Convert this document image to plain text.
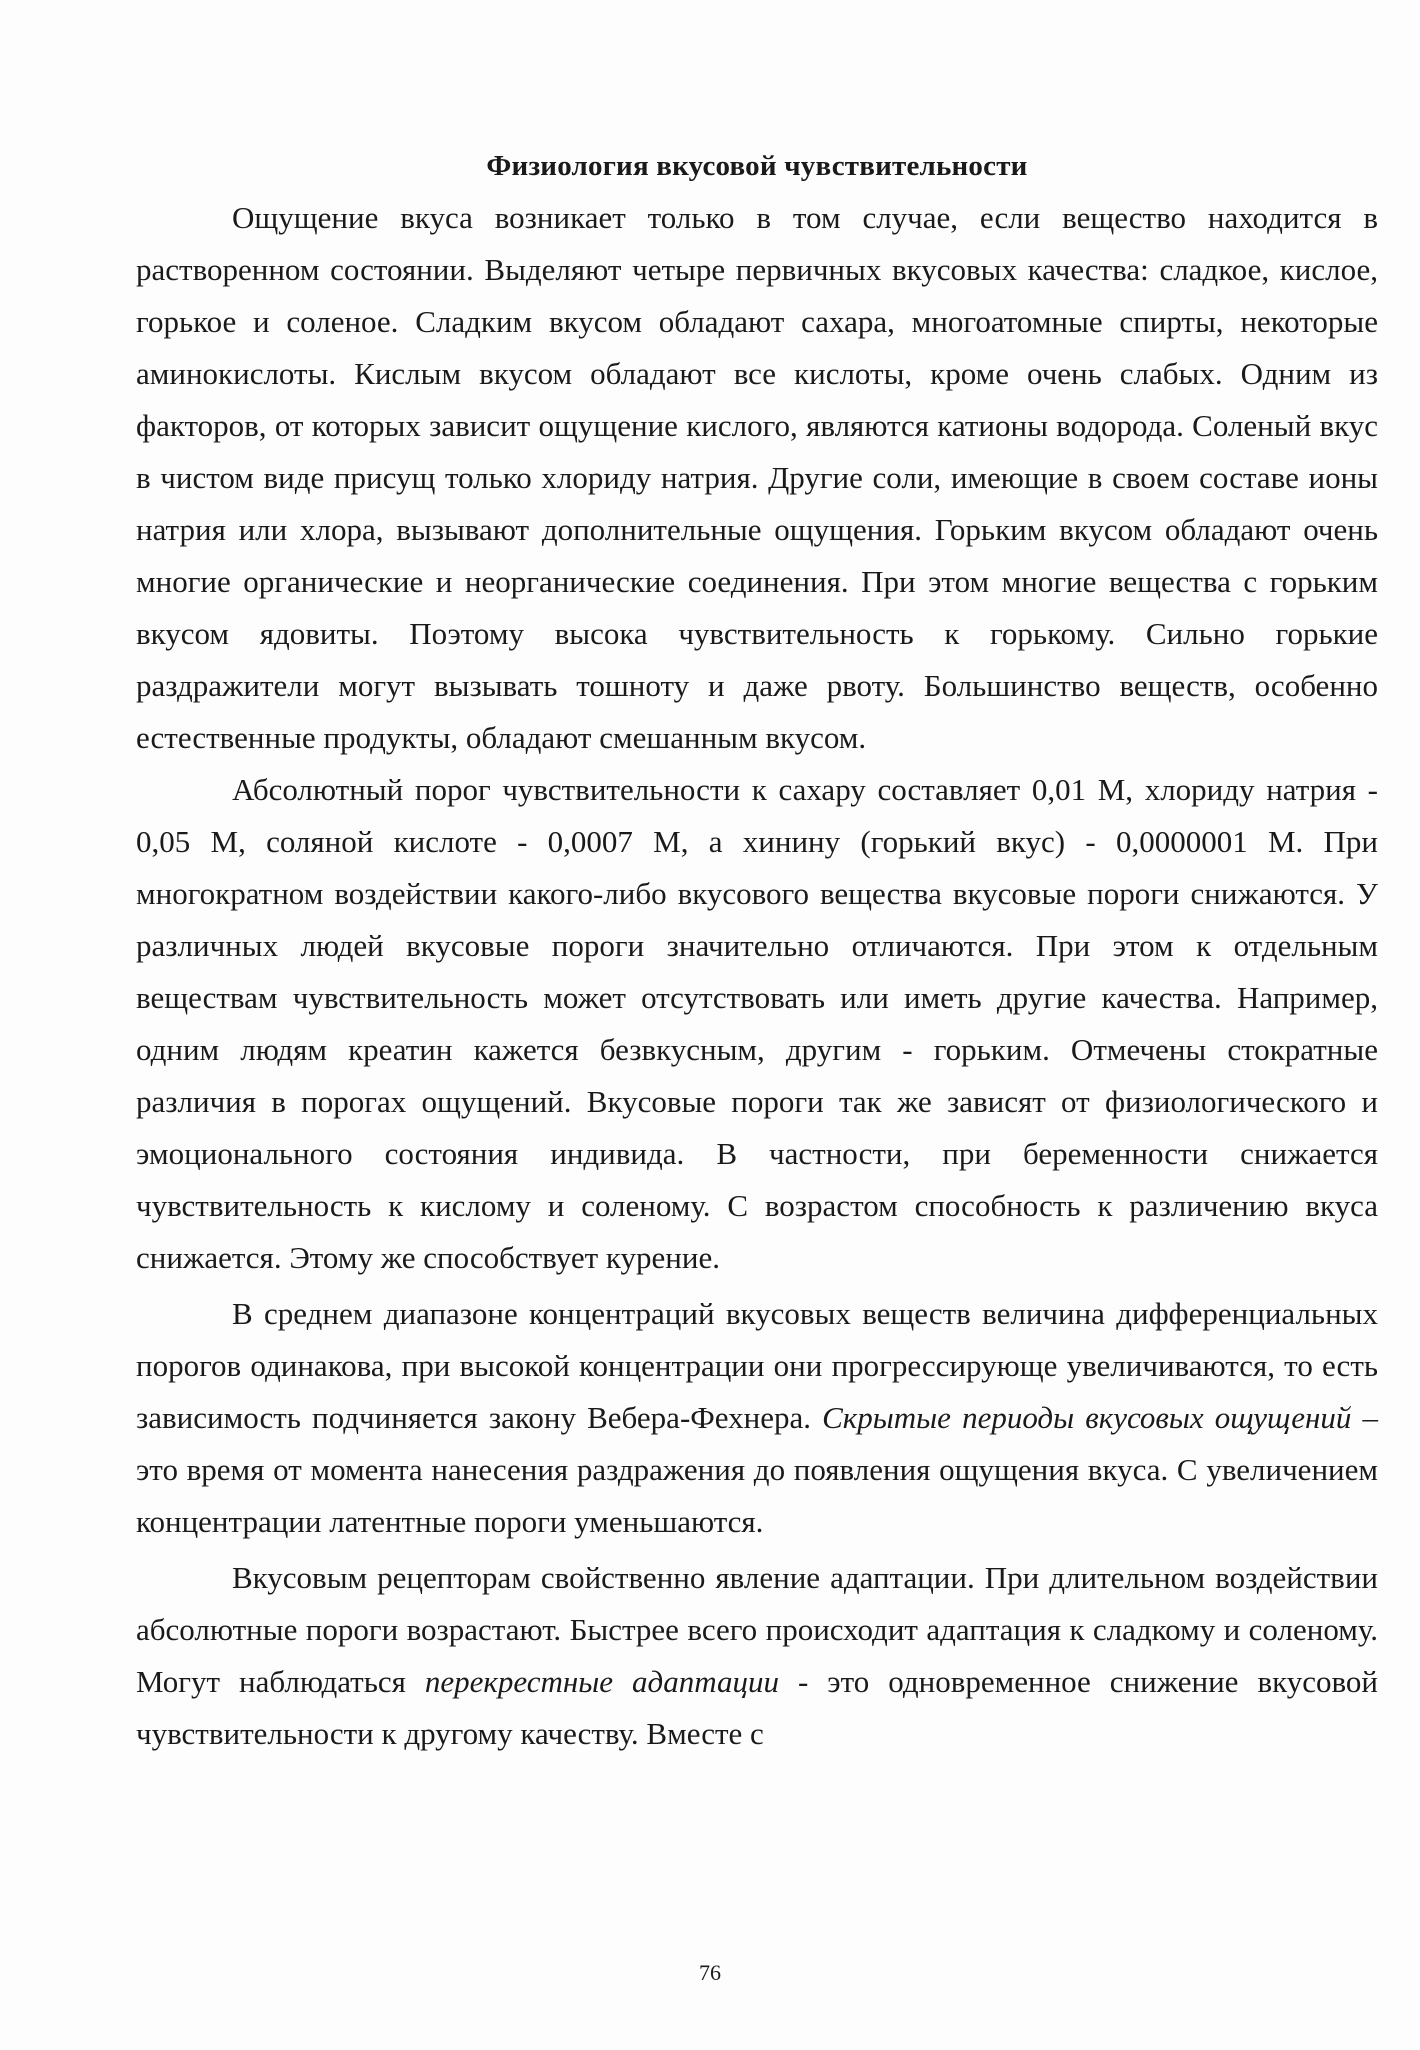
Физиология вкусовой чувствительности

Ощущение вкуса возникает только в том случае, если вещество находится в растворенном состоянии. Выделяют четыре первичных вкусовых качества: сладкое, кислое, горькое и соленое. Сладким вкусом обладают сахара, многоатомные спирты, некоторые аминокислоты. Кислым вкусом обладают все кислоты, кроме очень слабых. Одним из факторов, от которых зависит ощущение кислого, являются катионы водорода. Соленый вкус в чистом виде присущ только хлориду натрия. Другие соли, имеющие в своем составе ионы натрия или хлора, вызывают дополнительные ощущения. Горьким вкусом обладают очень многие органические и неорганические соединения. При этом многие вещества с горьким вкусом ядовиты. Поэтому высока чувствительность к горькому. Сильно горькие раздражители могут вызывать тошноту и даже рвоту. Большинство веществ, особенно естественные продукты, обладают смешанным вкусом.

Абсолютный порог чувствительности к сахару составляет 0,01 М, хлориду натрия - 0,05 М, соляной кислоте - 0,0007 М, а хинину (горький вкус) - 0,0000001 М. При многократном воздействии какого-либо вкусового вещества вкусовые пороги снижаются. У различных людей вкусовые пороги значительно отличаются. При этом к отдельным веществам чувствительность может отсутствовать или иметь другие качества. Например, одним людям креатин кажется безвкусным, другим - горьким. Отмечены стократные различия в порогах ощущений. Вкусовые пороги так же зависят от физиологического и эмоционального состояния индивида. В частности, при беременности снижается чувствительность к кислому и соленому. С возрастом способность к различению вкуса снижается. Этому же способствует курение.

В среднем диапазоне концентраций вкусовых веществ величина дифференциальных порогов одинакова, при высокой концентрации они прогрессирующе увеличиваются, то есть зависимость подчиняется закону Вебера-Фехнера. Скрытые периоды вкусовых ощущений – это время от момента нанесения раздражения до появления ощущения вкуса. С увеличением концентрации латентные пороги уменьшаются.

Вкусовым рецепторам свойственно явление адаптации. При длительном воздействии абсолютные пороги возрастают. Быстрее всего происходит адаптация к сладкому и соленому. Могут наблюдаться перекрестные адаптации - это одновременное снижение вкусовой чувствительности к другому качеству. Вместе с

76
